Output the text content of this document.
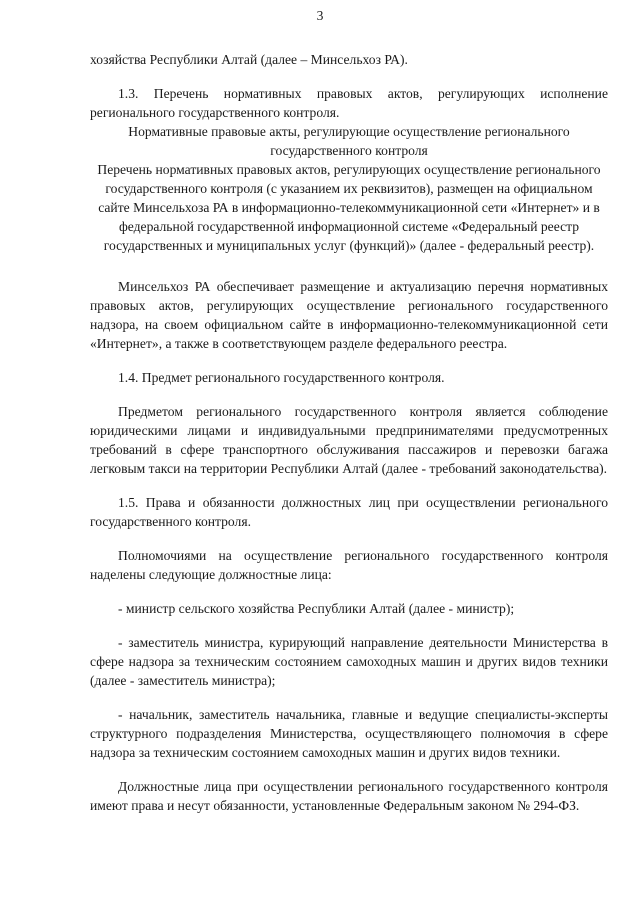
3

хозяйства Республики Алтай (далее – Минсельхоз РА).

1.3. Перечень нормативных правовых актов, регулирующих исполнение регионального государственного контроля.

Нормативные правовые акты, регулирующие осуществление регионального государственного контроля

Перечень нормативных правовых актов, регулирующих осуществление регионального государственного контроля (с указанием их реквизитов), размещен на официальном сайте Минсельхоза РА в информационно-телекоммуникационной сети «Интернет» и в федеральной государственной информационной системе «Федеральный реестр государственных и муниципальных услуг (функций)» (далее - федеральный реестр).

Минсельхоз РА обеспечивает размещение и актуализацию перечня нормативных правовых актов, регулирующих осуществление регионального государственного надзора, на своем официальном сайте в информационно-телекоммуникационной сети «Интернет», а также в соответствующем разделе федерального реестра.

1.4. Предмет регионального государственного контроля.

Предметом регионального государственного контроля является соблюдение юридическими лицами и индивидуальными предпринимателями предусмотренных требований в сфере транспортного обслуживания пассажиров и перевозки багажа легковым такси на территории Республики Алтай (далее - требований законодательства).

1.5. Права и обязанности должностных лиц при осуществлении регионального государственного контроля.

Полномочиями на осуществление регионального государственного контроля наделены следующие должностные лица:

- министр сельского хозяйства Республики Алтай (далее - министр);

- заместитель министра, курирующий направление деятельности Министерства в сфере надзора за техническим состоянием самоходных машин и других видов техники (далее - заместитель министра);

- начальник, заместитель начальника, главные и ведущие специалисты-эксперты структурного подразделения Министерства, осуществляющего полномочия в сфере надзора за техническим состоянием самоходных машин и других видов техники.

Должностные лица при осуществлении регионального государственного контроля имеют права и несут обязанности, установленные Федеральным законом № 294-ФЗ.
